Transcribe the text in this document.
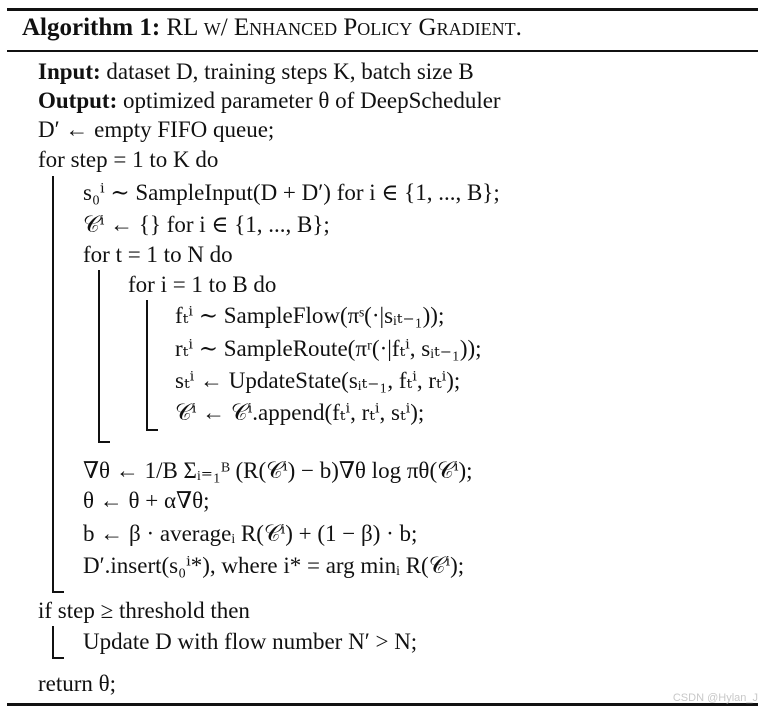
Algorithm 1: RL w/ Enhanced Policy Gradient.
Input: dataset D, training steps K, batch size B
Output: optimized parameter θ of DeepScheduler
D′ ← empty FIFO queue;
for step = 1 to K do
s₀ⁱ ∼ SampleInput(D + D′) for i ∈ {1, ..., B};
𝒞ⁱ ← {} for i ∈ {1, ..., B};
for t = 1 to N do
for i = 1 to B do
fₜⁱ ∼ SampleFlow(πˢ(·|sᵢₜ₋₁));
rₜⁱ ∼ SampleRoute(πʳ(·|fₜⁱ, sᵢₜ₋₁));
sₜⁱ ← UpdateState(sᵢₜ₋₁, fₜⁱ, rₜⁱ);
𝒞ⁱ ← 𝒞ⁱ.append(fₜⁱ, rₜⁱ, sₜⁱ);
∇θ ← 1/B Σᵢ₌₁ᴮ (R(𝒞ⁱ) − b)∇θ log πθ(𝒞ⁱ);
θ ← θ + α∇θ;
b ← β · averageᵢ R(𝒞ⁱ) + (1 − β) · b;
D′.insert(s₀ⁱ*), where i* = arg minᵢ R(𝒞ⁱ);
if step ≥ threshold then
Update D with flow number N′ > N;
return θ;
CSDN @Hylan_J
